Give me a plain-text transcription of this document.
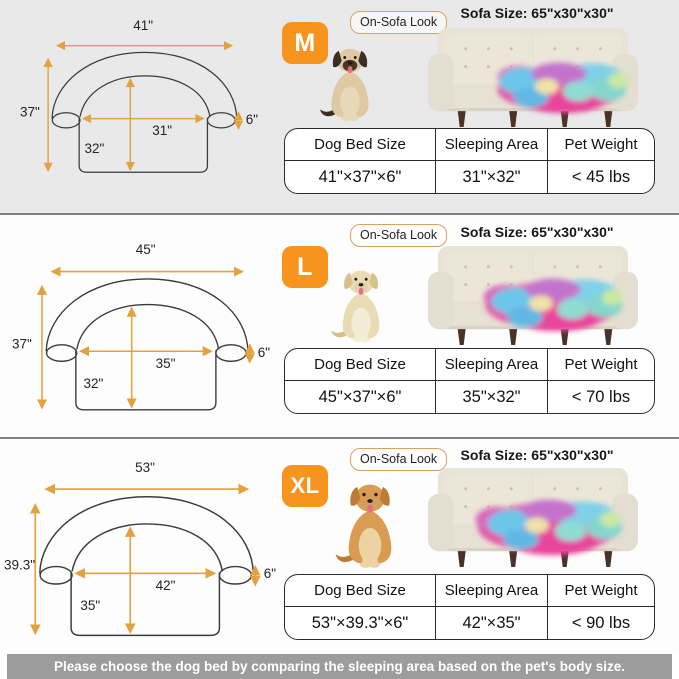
41"
37"
31"
32"
6"
M
On-Sofa Look
Sofa Size: 65"x30"x30"
Dog Bed Size	Sleeping Area	Pet Weight
41"×37"×6"	31"×32"	< 45 lbs
45"
37"
35"
32"
6"
L
On-Sofa Look	Sofa Size: 65"x30"x30"
Dog Bed Size	Sleeping Area	Pet Weight
45"×37"×6"	35"×32"	< 70 lbs
53"
39.3"
42"
35"
6"
XL
On-Sofa Look	Sofa Size: 65"x30"x30"
Dog Bed Size	Sleeping Area	Pet Weight
53"×39.3"×6"	42"×35"	< 90 lbs
Please choose the dog bed by comparing the sleeping area based on the pet's body size.
